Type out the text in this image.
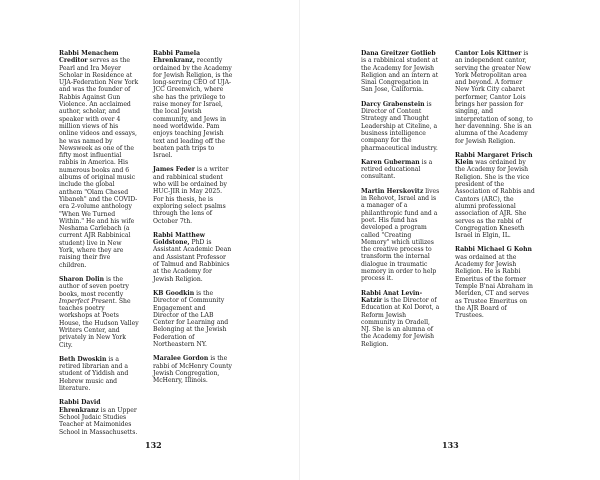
Rabbi Menachem Creditor serves as the Pearl and Ira Meyer Scholar in Residence at UJA-Federation New York and was the founder of Rabbis Against Gun Violence. An acclaimed author, scholar, and speaker with over 4 million views of his online videos and essays, he was named by Newsweek as one of the fifty most influential rabbis in America. His numerous books and 6 albums of original music include the global anthem "Olam Chesed Yibaneh" and the COVID-era 2-volume anthology "When We Turned Within." He and his wife Neshama Carlebach (a current AJR Rabbinical student) live in New York, where they are raising their five children.

Sharon Dolin is the author of seven poetry books, most recently Imperfect Present. She teaches poetry workshops at Poets House, the Hudson Valley Writers Center, and privately in New York City.

Beth Dwoskin is a retired librarian and a student of Yiddish and Hebrew music and literature.

Rabbi David Ehrenkranz is an Upper School Judaic Studies Teacher at Maimonides School in Massachusetts.

Rabbi Pamela Ehrenkranz, recently ordained by the Academy for Jewish Religion, is the long-serving CEO of UJA-JCC Greenwich, where she has the privilege to raise money for Israel, the local Jewish community, and Jews in need worldwide. Pam enjoys teaching Jewish text and leading off the beaten path trips to Israel.

James Feder is a writer and rabbinical student who will be ordained by HUC-JIR in May 2025. For his thesis, he is exploring select psalms through the lens of October 7th.

Rabbi Matthew Goldstone, PhD is Assistant Academic Dean and Assistant Professor of Talmud and Rabbinics at the Academy for Jewish Religion.

KB Goodkin is the Director of Community Engagement and Director of the LAB Center for Learning and Belonging at the Jewish Federation of Northeastern NY.

Maralee Gordon is the rabbi of McHenry County Jewish Congregation, McHenry, Illinois.

132

Dana Greitzer Gotlieb is a rabbinical student at the Academy for Jewish Religion and an intern at Sinai Congregation in San Jose, California.

Darcy Grabenstein is Director of Content Strategy and Thought Leadership at Citeline, a business intelligence company for the pharmaceutical industry.

Karen Guberman is a retired educational consultant.

Martin Herskovitz lives in Rehovot, Israel and is a manager of a philanthropic fund and a poet. His fund has developed a program called "Creating Memory" which utilizes the creative process to transform the internal dialogue in traumatic memory in order to help process it.

Rabbi Anat Levin-Katzir is the Director of Education at Kol Dorot, a Reform Jewish community in Oradell, NJ. She is an alumna of the Academy for Jewish Religion.

Cantor Lois Kittner is an independent cantor, serving the greater New York Metropolitan area and beyond. A former New York City cabaret performer, Cantor Lois brings her passion for singing, and interpretation of song, to her davenning. She is an alumna of the Academy for Jewish Religion.

Rabbi Margaret Frisch Klein was ordained by the Academy for Jewish Religion. She is the vice president of the Association of Rabbis and Cantors (ARC), the alumni professional association of AJR. She serves as the rabbi of Congregation Kneseth Israel in Elgin, IL.

Rabbi Michael G Kohn was ordained at the Academy for Jewish Religion. He is Rabbi Emeritus of the former Temple B'nai Abraham in Meriden, CT and serves as Trustee Emeritus on the AJR Board of Trustees.

133
